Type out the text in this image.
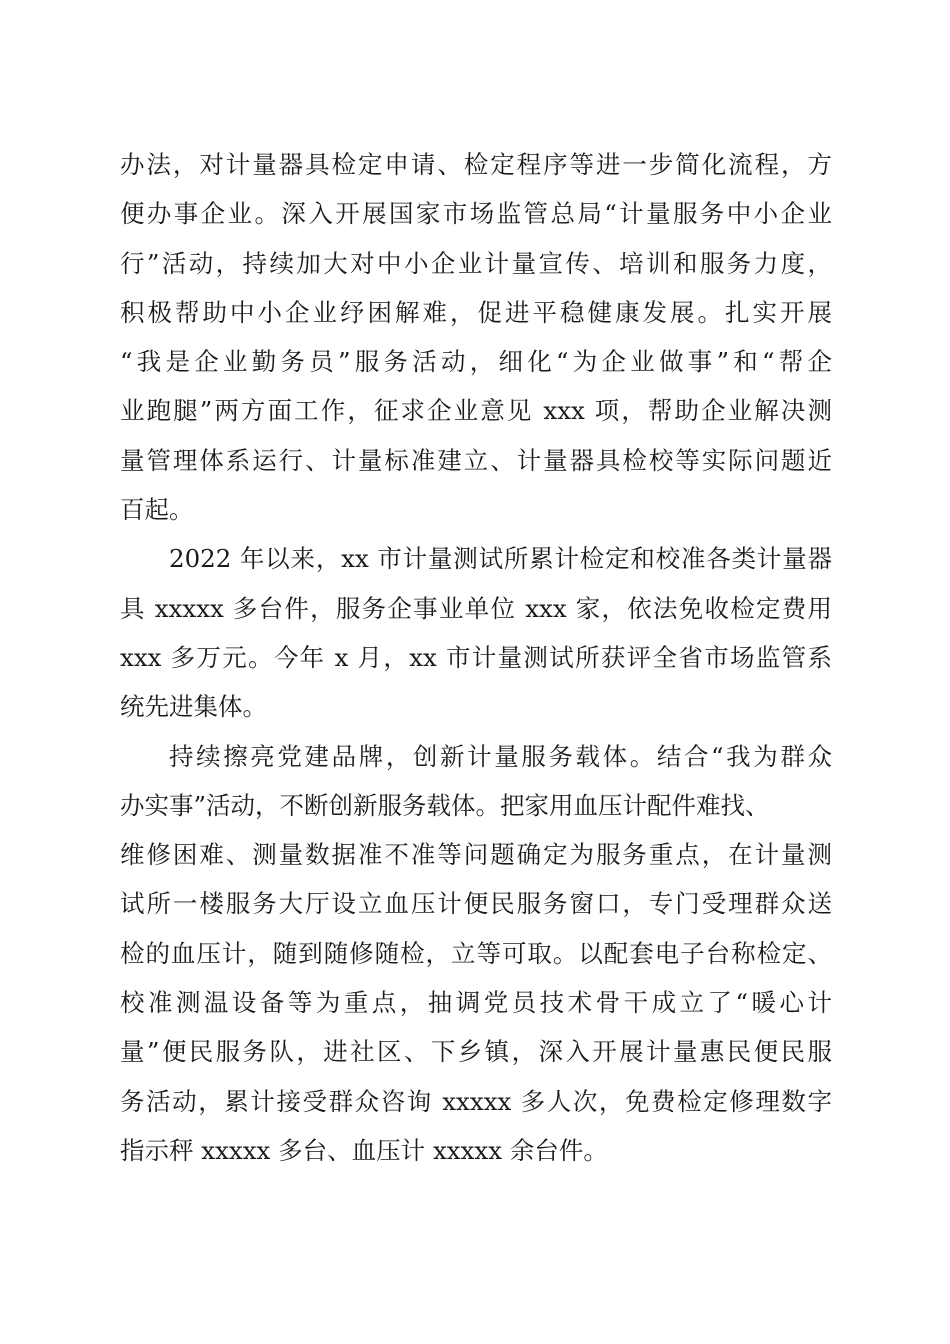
办法，对计量器具检定申请、检定程序等进一步简化流程，方
便办事企业。深入开展国家市场监管总局“计量服务中小企业
行”活动，持续加大对中小企业计量宣传、培训和服务力度，
积极帮助中小企业纾困解难，促进平稳健康发展。扎实开展
“我是企业勤务员”服务活动，细化“为企业做事”和“帮企
业跑腿”两方面工作，征求企业意见 xxx 项，帮助企业解决测
量管理体系运行、计量标准建立、计量器具检校等实际问题近
百起。
2022 年以来，xx 市计量测试所累计检定和校准各类计量器
具 xxxxx 多台件，服务企事业单位 xxx 家，依法免收检定费用
xxx 多万元。今年 x 月，xx 市计量测试所获评全省市场监管系
统先进集体。
持续擦亮党建品牌，创新计量服务载体。结合“我为群众
办实事”活动，不断创新服务载体。把家用血压计配件难找、
维修困难、测量数据准不准等问题确定为服务重点，在计量测
试所一楼服务大厅设立血压计便民服务窗口，专门受理群众送
检的血压计，随到随修随检，立等可取。以配套电子台称检定、
校准测温设备等为重点，抽调党员技术骨干成立了“暖心计
量”便民服务队，进社区、下乡镇，深入开展计量惠民便民服
务活动，累计接受群众咨询 xxxxx 多人次，免费检定修理数字
指示秤 xxxxx 多台、血压计 xxxxx 余台件。
